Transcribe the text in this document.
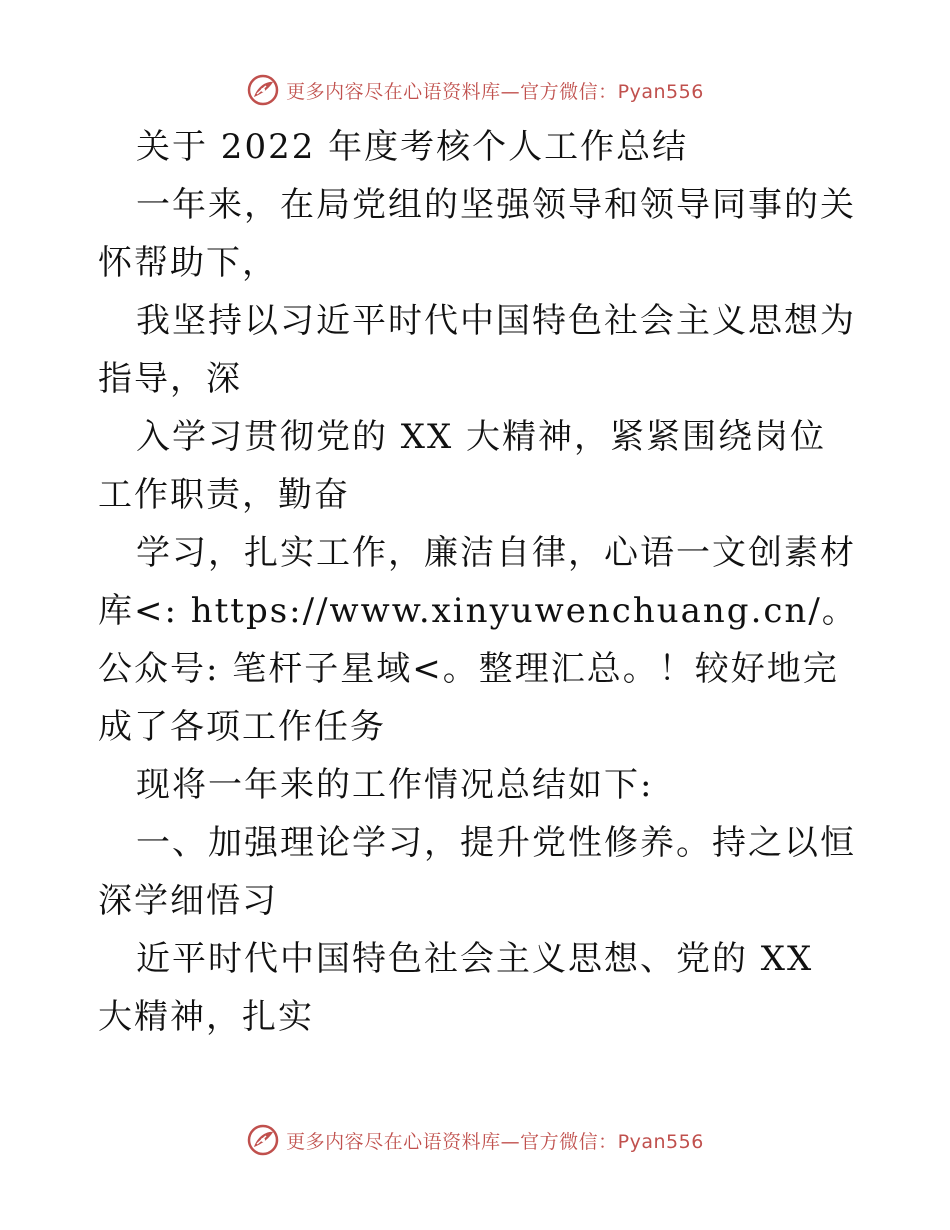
更多内容尽在心语资料库—官方微信：Pyan556

关于 2022 年度考核个人工作总结

一年来，在局党组的坚强领导和领导同事的关怀帮助下，

我坚持以习近平时代中国特色社会主义思想为指导，深

入学习贯彻党的 XX 大精神，紧紧围绕岗位工作职责，勤奋

学习，扎实工作，廉洁自律，心语一文创素材库<: https://www.xinyuwenchuang.cn/。公众号: 笔杆子星域<。整理汇总。！较好地完成了各项工作任务

现将一年来的工作情况总结如下:

一、加强理论学习，提升党性修养。持之以恒深学细悟习

近平时代中国特色社会主义思想、党的 XX 大精神，扎实

更多内容尽在心语资料库—官方微信：Pyan556
